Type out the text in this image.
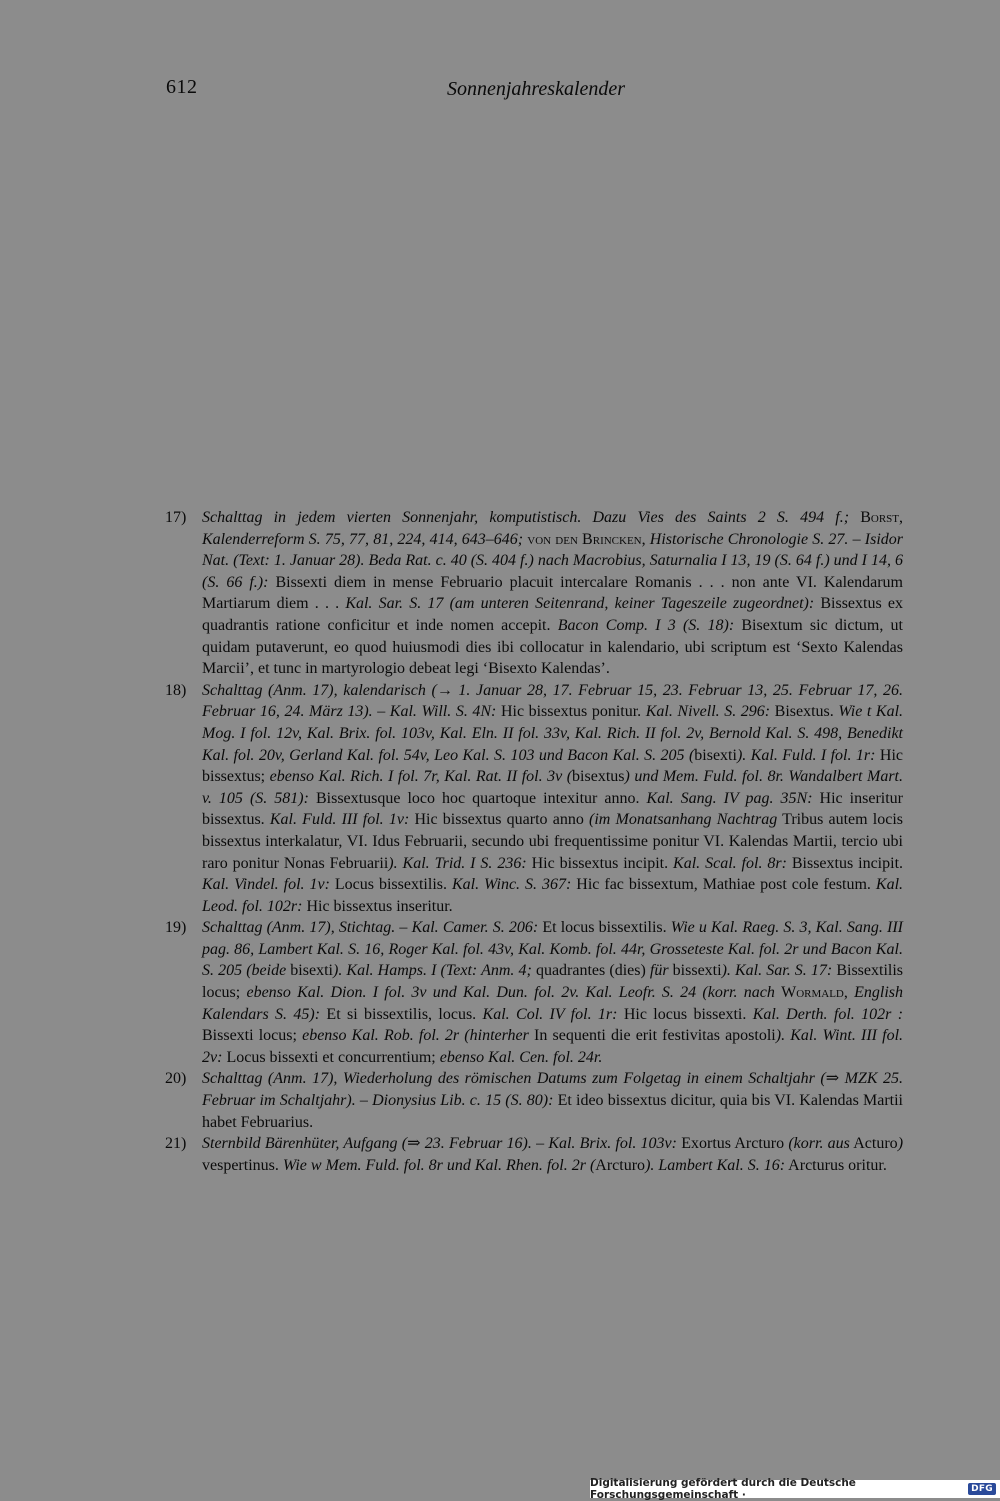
612	Sonnenjahreskalender
17) Schalttag in jedem vierten Sonnenjahr, komputistisch. Dazu Vies des Saints 2 S. 494 f.; Borst, Kalenderreform S. 75, 77, 81, 224, 414, 643–646; von den Brincken, Historische Chronologie S. 27. – Isidor Nat. (Text: 1. Januar 28). Beda Rat. c. 40 (S. 404 f.) nach Macrobius, Saturnalia I 13, 19 (S. 64 f.) und I 14, 6 (S. 66 f.): Bissexti diem in mense Februario placuit intercalare Romanis . . . non ante VI. Kalendarum Martiarum diem . . . Kal. Sar. S. 17 (am unteren Seitenrand, keiner Tageszeile zugeordnet): Bissextus ex quadrantis ratione conficitur et inde nomen accepit. Bacon Comp. I 3 (S. 18): Bisextum sic dictum, ut quidam putaverunt, eo quod huiusmodi dies ibi collocatur in kalendario, ubi scriptum est ‘Sexto Kalendas Marcii’, et tunc in martyrologio debeat legi ‘Bisexto Kalendas’.
18) Schalttag (Anm. 17), kalendarisch (→ 1. Januar 28, 17. Februar 15, 23. Februar 13, 25. Februar 17, 26. Februar 16, 24. März 13). – Kal. Will. S. 4N: Hic bissextus ponitur. Kal. Nivell. S. 296: Bisextus. Wie t Kal. Mog. I fol. 12v, Kal. Brix. fol. 103v, Kal. Eln. II fol. 33v, Kal. Rich. II fol. 2v, Bernold Kal. S. 498, Benedikt Kal. fol. 20v, Gerland Kal. fol. 54v, Leo Kal. S. 103 und Bacon Kal. S. 205 (bisexti). Kal. Fuld. I fol. 1r: Hic bissextus; ebenso Kal. Rich. I fol. 7r, Kal. Rat. II fol. 3v (bisextus) und Mem. Fuld. fol. 8r. Wandalbert Mart. v. 105 (S. 581): Bissextusque loco hoc quartoque intexitur anno. Kal. Sang. IV pag. 35N: Hic inseritur bissextus. Kal. Fuld. III fol. 1v: Hic bissextus quarto anno (im Monatsanhang Nachtrag Tribus autem locis bissextus interkalatur, VI. Idus Februarii, secundo ubi frequentissime ponitur VI. Kalendas Martii, tercio ubi raro ponitur Nonas Februarii). Kal. Trid. I S. 236: Hic bissextus incipit. Kal. Scal. fol. 8r: Bissextus incipit. Kal. Vindel. fol. 1v: Locus bissextilis. Kal. Winc. S. 367: Hic fac bissextum, Mathiae post cole festum. Kal. Leod. fol. 102r: Hic bissextus inseritur.
19) Schalttag (Anm. 17), Stichtag. – Kal. Camer. S. 206: Et locus bissextilis. Wie u Kal. Raeg. S. 3, Kal. Sang. III pag. 86, Lambert Kal. S. 16, Roger Kal. fol. 43v, Kal. Komb. fol. 44r, Grosseteste Kal. fol. 2r und Bacon Kal. S. 205 (beide bisexti). Kal. Hamps. I (Text: Anm. 4; quadrantes (dies) für bissexti). Kal. Sar. S. 17: Bissextilis locus; ebenso Kal. Dion. I fol. 3v und Kal. Dun. fol. 2v. Kal. Leofr. S. 24 (korr. nach Wormald, English Kalendars S. 45): Et si bissextilis, locus. Kal. Col. IV fol. 1r: Hic locus bissexti. Kal. Derth. fol. 102r : Bissexti locus; ebenso Kal. Rob. fol. 2r (hinterher In sequenti die erit festivitas apostoli). Kal. Wint. III fol. 2v: Locus bissexti et concurrentium; ebenso Kal. Cen. fol. 24r.
20) Schalttag (Anm. 17), Wiederholung des römischen Datums zum Folgetag in einem Schaltjahr (⇒ MZK 25. Februar im Schaltjahr). – Dionysius Lib. c. 15 (S. 80): Et ideo bissextus dicitur, quia bis VI. Kalendas Martii habet Februarius.
21) Sternbild Bärenhüter, Aufgang (⇒ 23. Februar 16). – Kal. Brix. fol. 103v: Exortus Arcturo (korr. aus Acturo) vespertinus. Wie w Mem. Fuld. fol. 8r und Kal. Rhen. fol. 2r (Arcturo). Lambert Kal. S. 16: Arcturus oritur.
Digitalisierung gefördert durch die Deutsche Forschungsgemeinschaft ·	DFG
